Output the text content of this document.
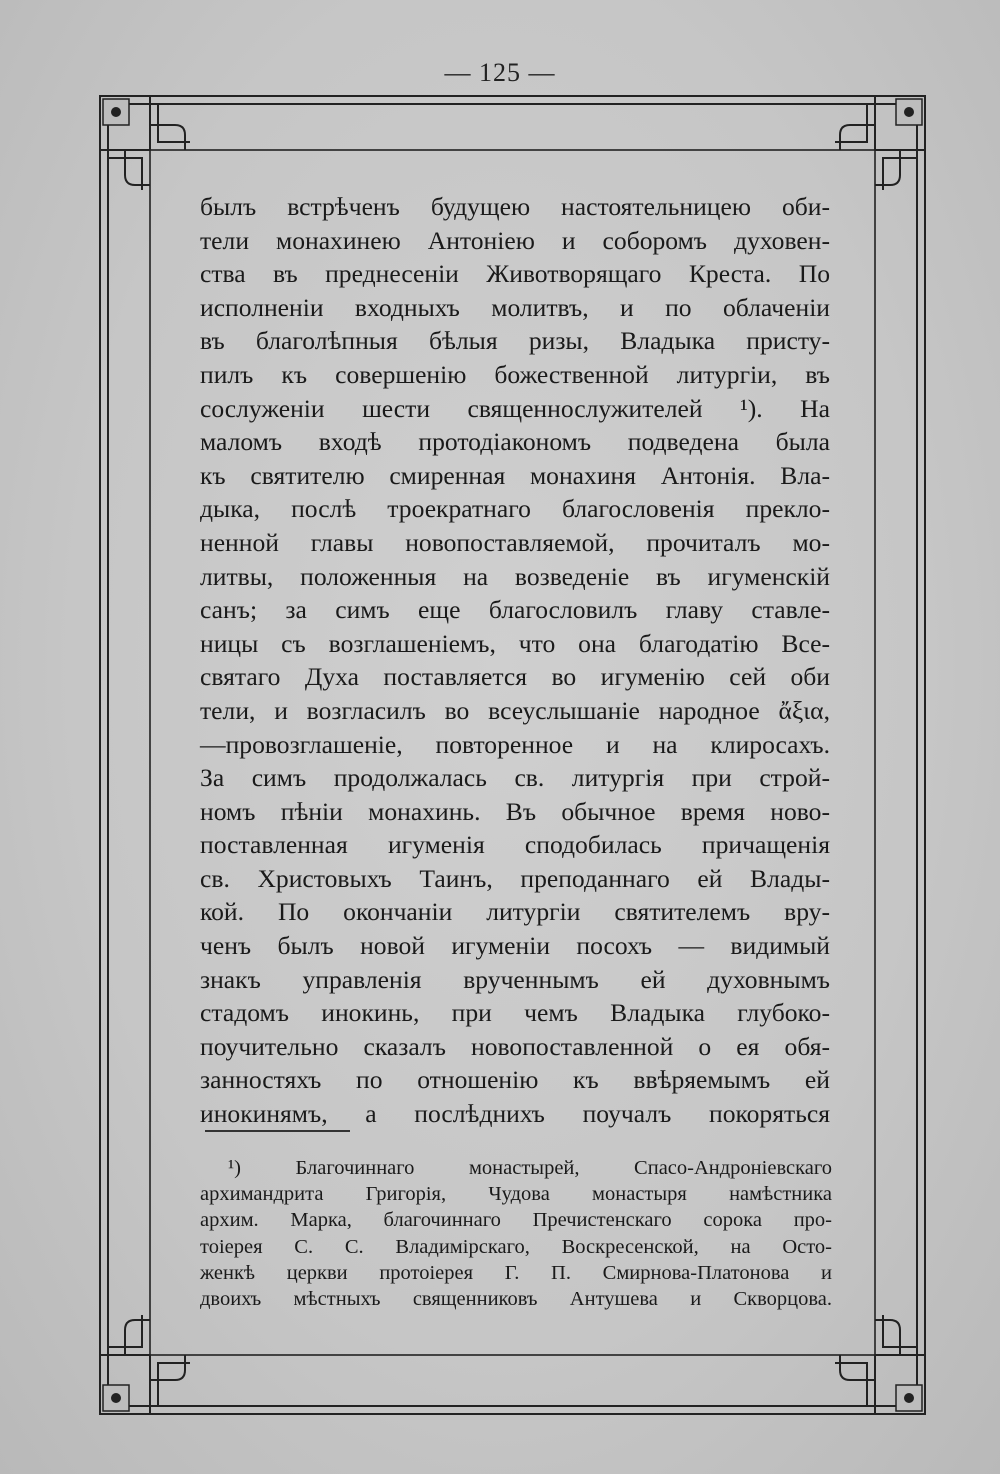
— 125 —
былъ встрѣченъ будущею настоятельницею оби-
тели монахинею Антоніею и соборомъ духовен-
ства въ преднесеніи Животворящаго Креста. По
исполненіи входныхъ молитвъ, и по облаченіи
въ благолѣпныя бѣлыя ризы, Владыка присту-
пилъ къ совершенію божественной литургіи, въ
сослуженіи шести священнослужителей ¹). На
маломъ входѣ протодіакономъ подведена была
къ святителю смиренная монахиня Антонія. Вла-
дыка, послѣ троекратнаго благословенія прекло-
ненной главы новопоставляемой, прочиталъ мо-
литвы, положенныя на возведеніе въ игуменскій
санъ; за симъ еще благословилъ главу ставле-
ницы съ возглашеніемъ, что она благодатію Все-
святаго Духа поставляется во игуменію сей оби
тели, и возгласилъ во всеуслышаніе народное ἄξια,
—провозглашеніе, повторенное и на клиросахъ.
За симъ продолжалась св. литургія при строй-
номъ пѣніи монахинь. Въ обычное время ново-
поставленная игуменія сподобилась причащенія
св. Христовыхъ Таинъ, преподаннаго ей Влады-
кой. По окончаніи литургіи святителемъ вру-
ченъ былъ новой игуменіи посохъ — видимый
знакъ управленія врученнымъ ей духовнымъ
стадомъ инокинь, при чемъ Владыка глубоко-
поучительно сказалъ новопоставленной о ея обя-
занностяхъ по отношенію къ ввѣряемымъ ей
инокинямъ, а послѣднихъ поучалъ покоряться
¹) Благочиннаго монастырей, Спасо-Андроніевскаго
архимандрита Григорія, Чудова монастыря намѣстника
архим. Марка, благочиннаго Пречистенскаго сорока про-
тоіерея С. С. Владимірскаго, Воскресенской, на Осто-
женкѣ церкви протоіерея Г. П. Смирнова-Платонова и
двоихъ мѣстныхъ священниковъ Антушева и Скворцова.
